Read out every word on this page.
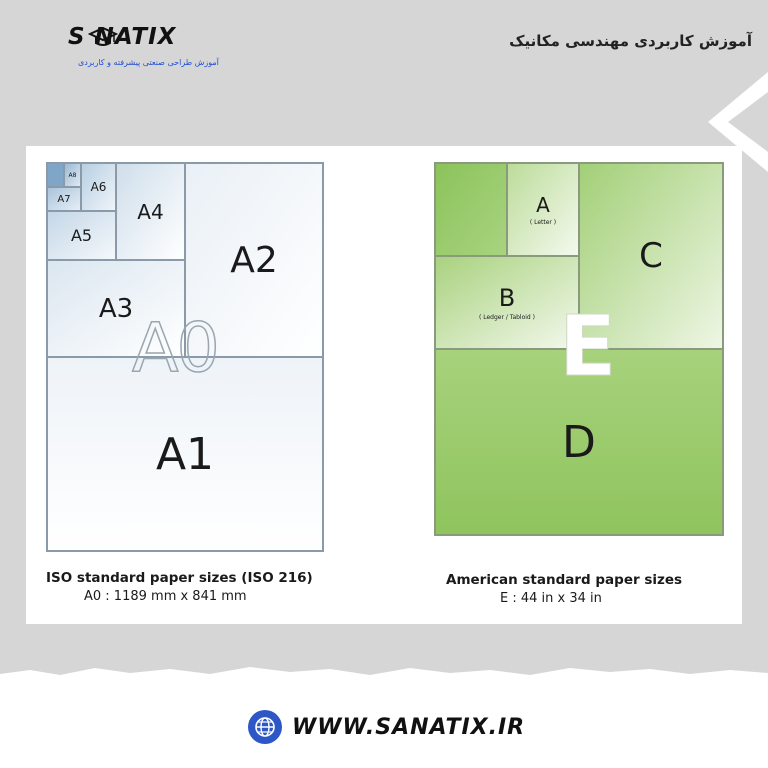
S NATIX
آموزش طراحی صنعتی پیشرفته و کاربردی
آموزش کاربردی مهندسی مکانیک
A1
A2
A3
A4
A5
A6
A7
A8
A0
ISO standard paper sizes (ISO 216)
A0 : 1189 mm x 841 mm
D
C
B
( Ledger / Tabloid )
A
( Letter )
E
American standard paper sizes
E : 44 in x 34 in
WWW.SANATIX.IR
